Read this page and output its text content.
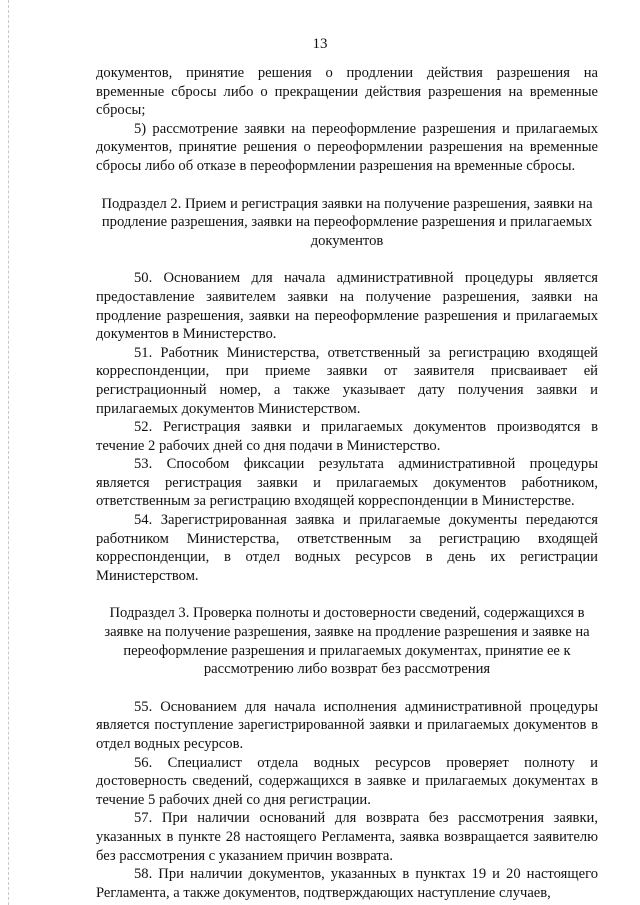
13

документов, принятие решения о продлении действия разрешения на временные сбросы либо о прекращении действия разрешения на временные сбросы;

5) рассмотрение заявки на переоформление разрешения и прилагаемых документов, принятие решения о переоформлении разрешения на временные сбросы либо об отказе в переоформлении разрешения на временные сбросы.

Подраздел 2. Прием и регистрация заявки на получение разрешения, заявки на продление разрешения, заявки на переоформление разрешения и прилагаемых документов

50. Основанием для начала административной процедуры является предоставление заявителем заявки на получение разрешения, заявки на продление разрешения, заявки на переоформление разрешения и прилагаемых документов в Министерство.

51. Работник Министерства, ответственный за регистрацию входящей корреспонденции, при приеме заявки от заявителя присваивает ей регистрационный номер, а также указывает дату получения заявки и прилагаемых документов Министерством.

52. Регистрация заявки и прилагаемых документов производятся в течение 2 рабочих дней со дня подачи в Министерство.

53. Способом фиксации результата административной процедуры является регистрация заявки и прилагаемых документов работником, ответственным за регистрацию входящей корреспонденции в Министерстве.

54. Зарегистрированная заявка и прилагаемые документы передаются работником Министерства, ответственным за регистрацию входящей корреспонденции, в отдел водных ресурсов в день их регистрации Министерством.

Подраздел 3. Проверка полноты и достоверности сведений, содержащихся в заявке на получение разрешения, заявке на продление разрешения и заявке на переоформление разрешения и прилагаемых документах, принятие ее к рассмотрению либо возврат без рассмотрения

55. Основанием для начала исполнения административной процедуры является поступление зарегистрированной заявки и прилагаемых документов в отдел водных ресурсов.

56. Специалист отдела водных ресурсов проверяет полноту и достоверность сведений, содержащихся в заявке и прилагаемых документах в течение 5 рабочих дней со дня регистрации.

57. При наличии оснований для возврата без рассмотрения заявки, указанных в пункте 28 настоящего Регламента, заявка возвращается заявителю без рассмотрения с указанием причин возврата.

58. При наличии документов, указанных в пунктах 19 и 20 настоящего Регламента, а также документов, подтверждающих наступление случаев,
